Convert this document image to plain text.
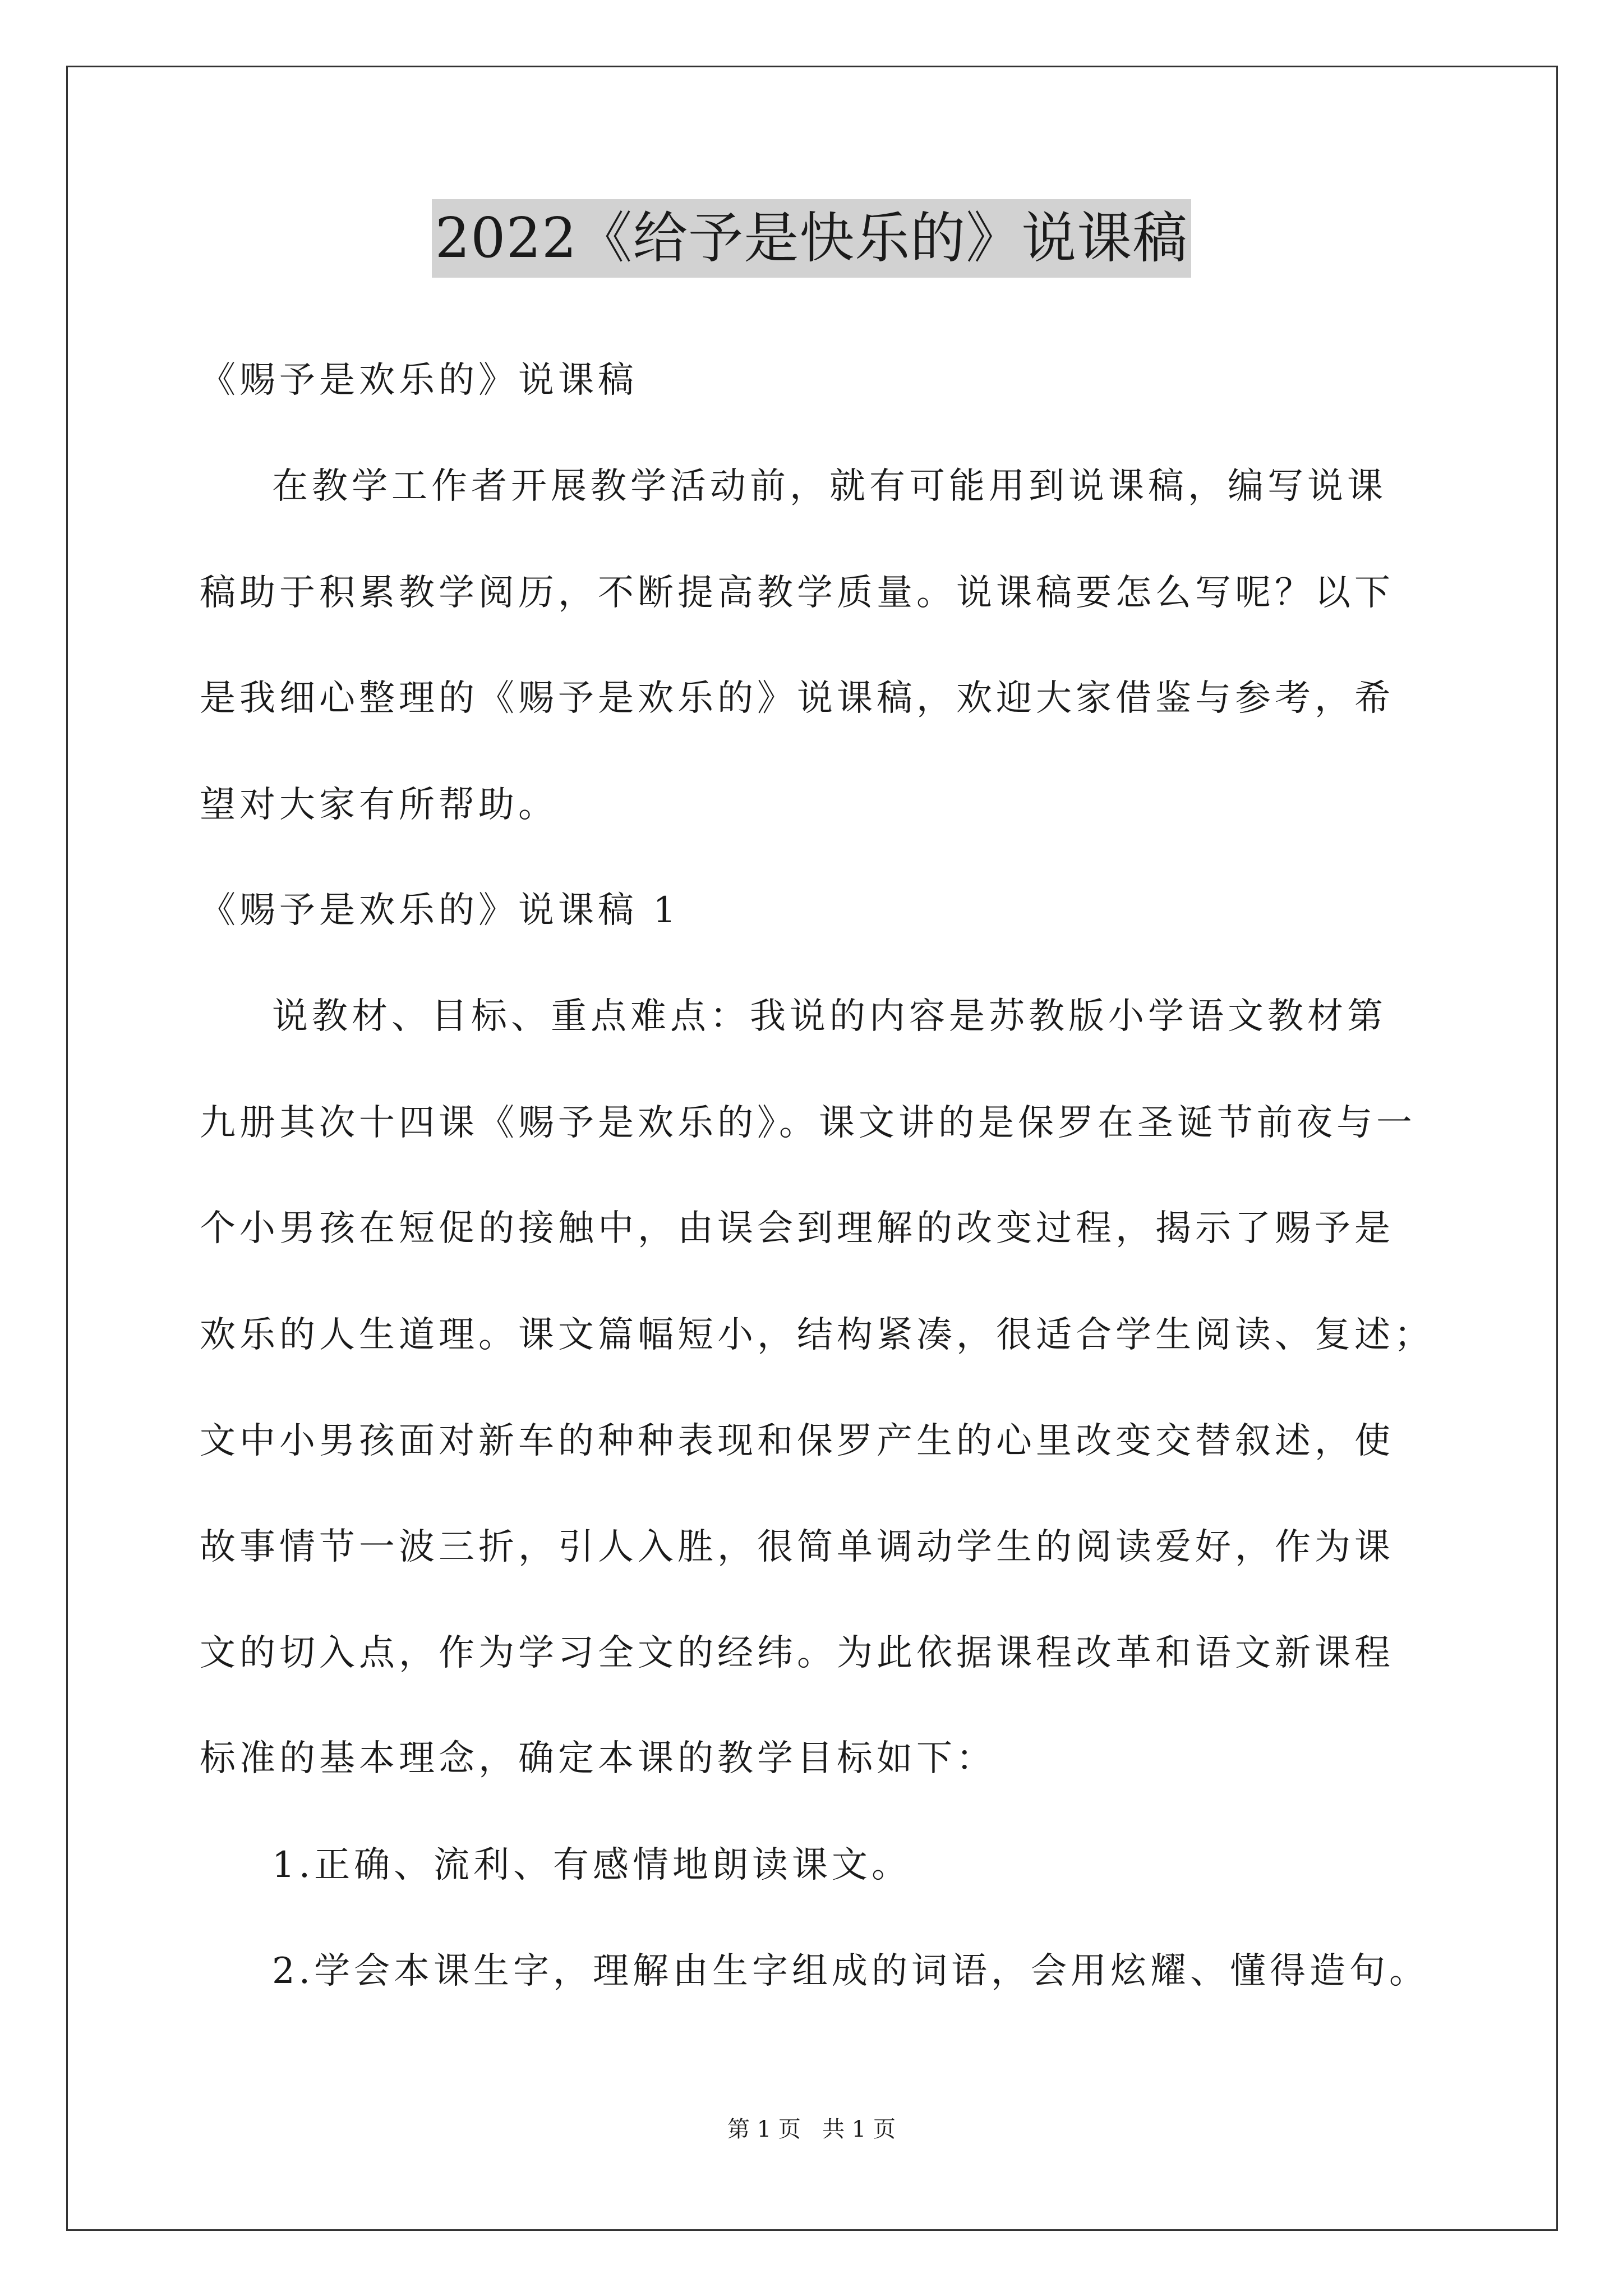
2022《给予是快乐的》说课稿

《赐予是欢乐的》说课稿

在教学工作者开展教学活动前，就有可能用到说课稿，编写说课

稿助于积累教学阅历，不断提高教学质量。说课稿要怎么写呢？以下

是我细心整理的《赐予是欢乐的》说课稿，欢迎大家借鉴与参考，希

望对大家有所帮助。

《赐予是欢乐的》说课稿 1

说教材、目标、重点难点：我说的内容是苏教版小学语文教材第

九册其次十四课《赐予是欢乐的》。课文讲的是保罗在圣诞节前夜与一

个小男孩在短促的接触中，由误会到理解的改变过程，揭示了赐予是

欢乐的人生道理。课文篇幅短小，结构紧凑，很适合学生阅读、复述；

文中小男孩面对新车的种种表现和保罗产生的心里改变交替叙述，使

故事情节一波三折，引人入胜，很简单调动学生的阅读爱好，作为课

文的切入点，作为学习全文的经纬。为此依据课程改革和语文新课程

标准的基本理念，确定本课的教学目标如下：

1.正确、流利、有感情地朗读课文。

2.学会本课生字，理解由生字组成的词语，会用炫耀、懂得造句。

第 1 页   共 1 页
